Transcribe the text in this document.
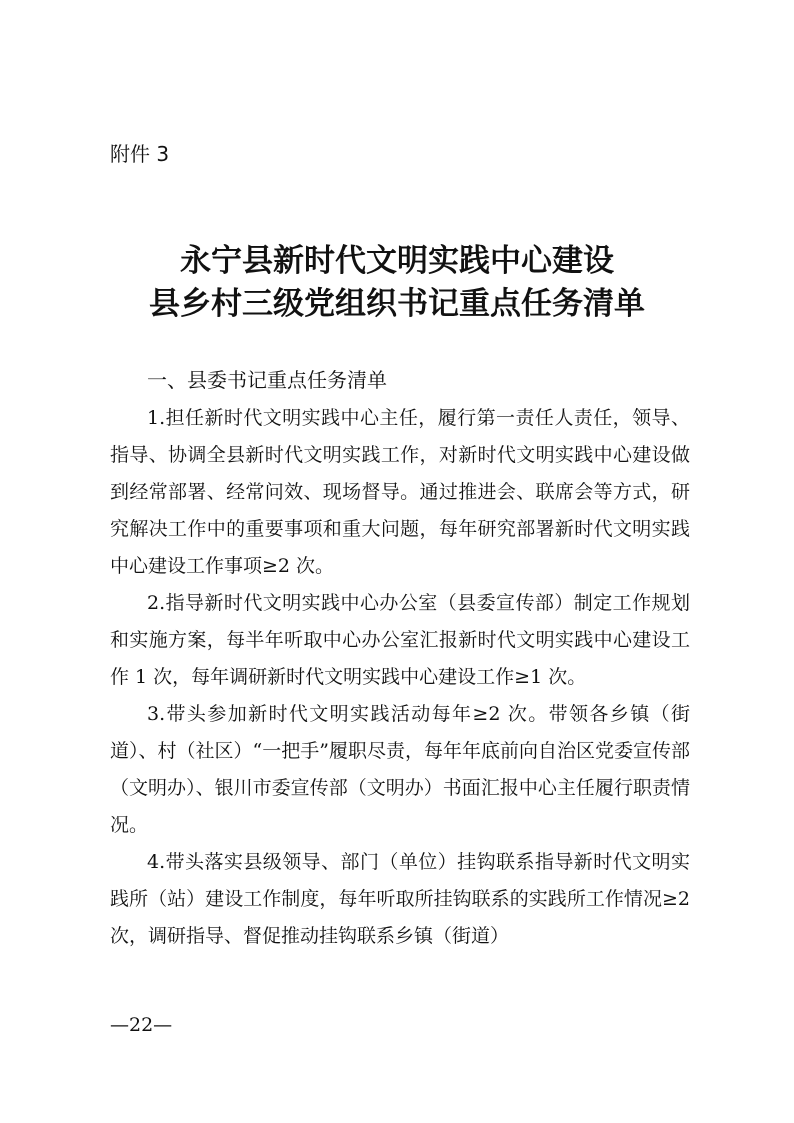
附件 3
永宁县新时代文明实践中心建设
县乡村三级党组织书记重点任务清单
一、县委书记重点任务清单

1.担任新时代文明实践中心主任，履行第一责任人责任，领导、指导、协调全县新时代文明实践工作，对新时代文明实践中心建设做到经常部署、经常问效、现场督导。通过推进会、联席会等方式，研究解决工作中的重要事项和重大问题，每年研究部署新时代文明实践中心建设工作事项≥2 次。

2.指导新时代文明实践中心办公室（县委宣传部）制定工作规划和实施方案，每半年听取中心办公室汇报新时代文明实践中心建设工作 1 次，每年调研新时代文明实践中心建设工作≥1 次。

3.带头参加新时代文明实践活动每年≥2 次。带领各乡镇（街道）、村（社区）“一把手”履职尽责，每年年底前向自治区党委宣传部（文明办）、银川市委宣传部（文明办）书面汇报中心主任履行职责情况。

4.带头落实县级领导、部门（单位）挂钩联系指导新时代文明实践所（站）建设工作制度，每年听取所挂钩联系的实践所工作情况≥2 次，调研指导、督促推动挂钩联系乡镇（街道）

—22—
